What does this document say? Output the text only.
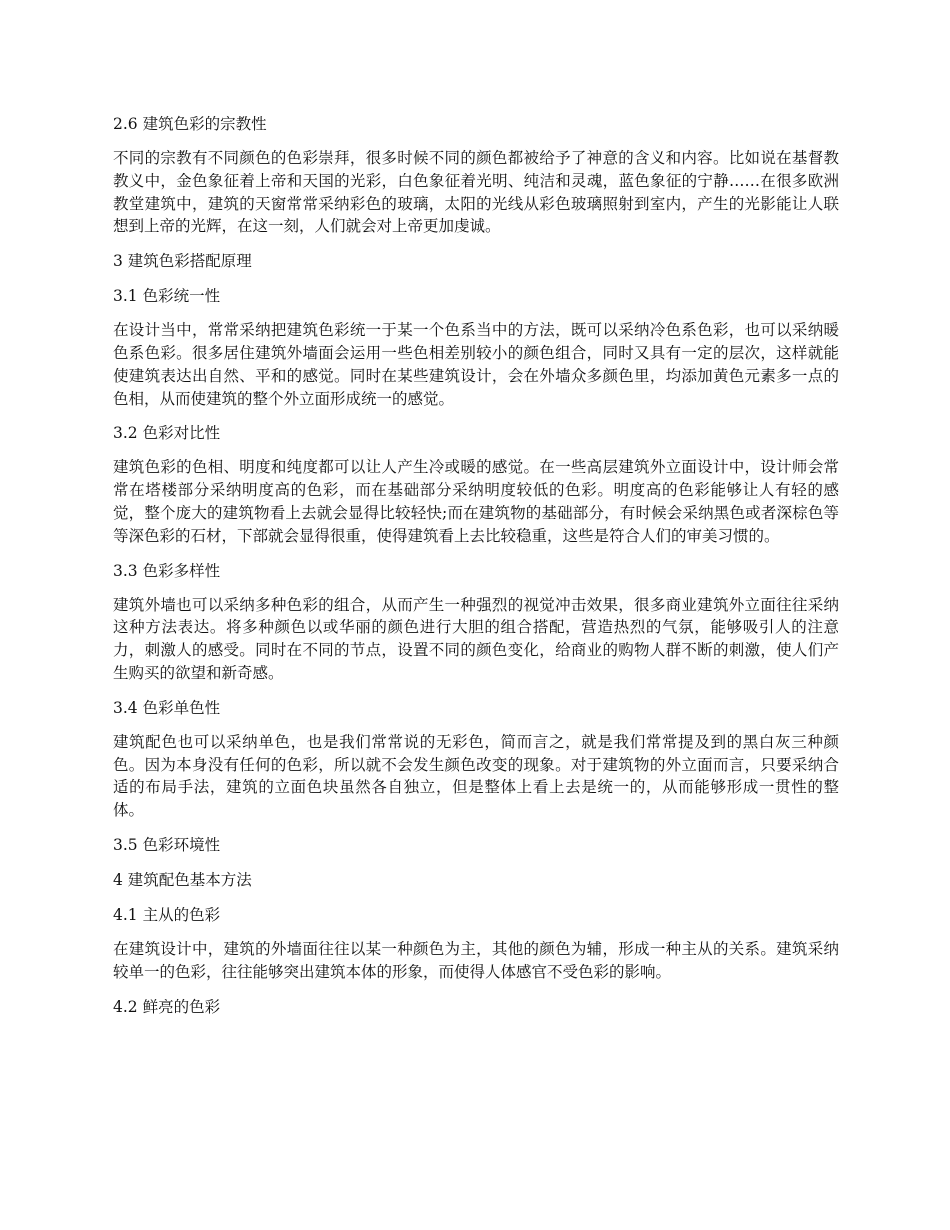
2.6 建筑色彩的宗教性
不同的宗教有不同颜色的色彩崇拜，很多时候不同的颜色都被给予了神意的含义和内容。比如说在基督教教义中，金色象征着上帝和天国的光彩，白色象征着光明、纯洁和灵魂，蓝色象征的宁静……在很多欧洲教堂建筑中，建筑的天窗常常采纳彩色的玻璃，太阳的光线从彩色玻璃照射到室内，产生的光影能让人联想到上帝的光辉，在这一刻，人们就会对上帝更加虔诚。
3 建筑色彩搭配原理
3.1 色彩统一性
在设计当中，常常采纳把建筑色彩统一于某一个色系当中的方法，既可以采纳冷色系色彩，也可以采纳暖色系色彩。很多居住建筑外墙面会运用一些色相差别较小的颜色组合，同时又具有一定的层次，这样就能使建筑表达出自然、平和的感觉。同时在某些建筑设计，会在外墙众多颜色里，均添加黄色元素多一点的色相，从而使建筑的整个外立面形成统一的感觉。
3.2 色彩对比性
建筑色彩的色相、明度和纯度都可以让人产生冷或暖的感觉。在一些高层建筑外立面设计中，设计师会常常在塔楼部分采纳明度高的色彩，而在基础部分采纳明度较低的色彩。明度高的色彩能够让人有轻的感觉，整个庞大的建筑物看上去就会显得比较轻快;而在建筑物的基础部分，有时候会采纳黑色或者深棕色等等深色彩的石材，下部就会显得很重，使得建筑看上去比较稳重，这些是符合人们的审美习惯的。
3.3 色彩多样性
建筑外墙也可以采纳多种色彩的组合，从而产生一种强烈的视觉冲击效果，很多商业建筑外立面往往采纳这种方法表达。将多种颜色以或华丽的颜色进行大胆的组合搭配，营造热烈的气氛，能够吸引人的注意力，刺激人的感受。同时在不同的节点，设置不同的颜色变化，给商业的购物人群不断的刺激，使人们产生购买的欲望和新奇感。
3.4 色彩单色性
建筑配色也可以采纳单色，也是我们常常说的无彩色，简而言之，就是我们常常提及到的黑白灰三种颜色。因为本身没有任何的色彩，所以就不会发生颜色改变的现象。对于建筑物的外立面而言，只要采纳合适的布局手法，建筑的立面色块虽然各自独立，但是整体上看上去是统一的，从而能够形成一贯性的整体。
3.5 色彩环境性
4 建筑配色基本方法
4.1 主从的色彩
在建筑设计中，建筑的外墙面往往以某一种颜色为主，其他的颜色为辅，形成一种主从的关系。建筑采纳较单一的色彩，往往能够突出建筑本体的形象，而使得人体感官不受色彩的影响。
4.2 鲜亮的色彩
